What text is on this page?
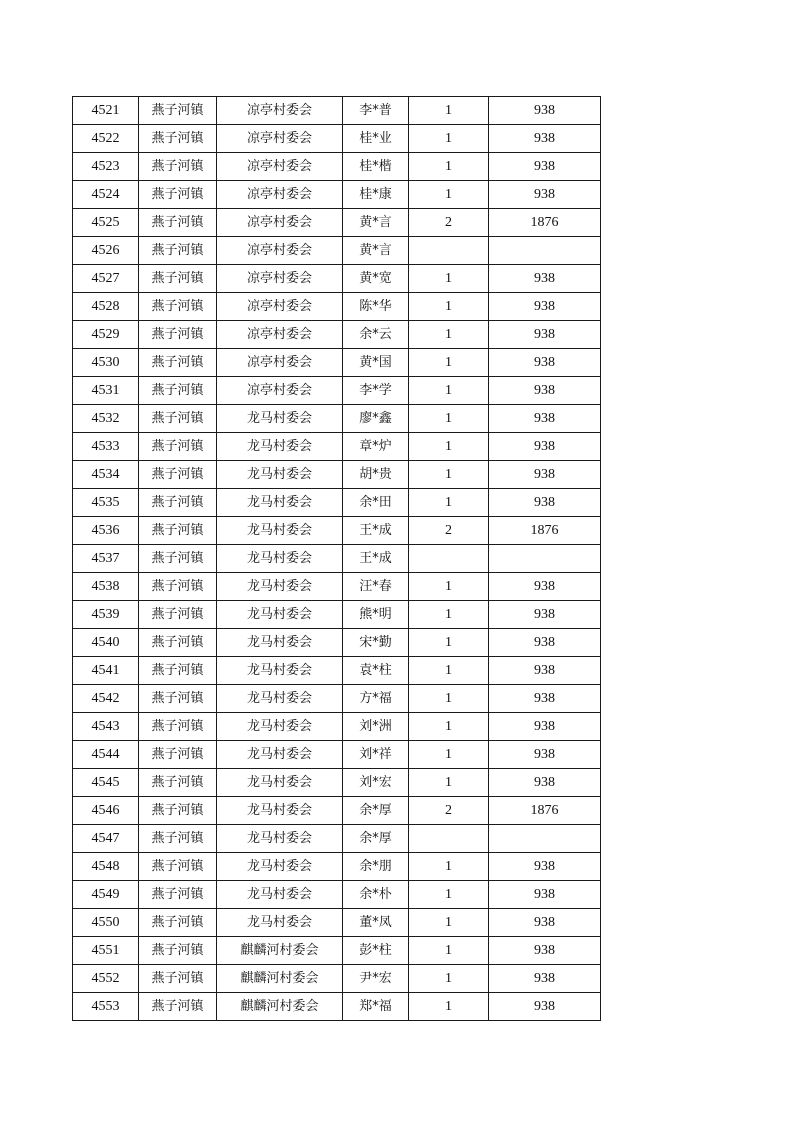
4521	燕子河镇	凉亭村委会	李*普	1	938
4522	燕子河镇	凉亭村委会	桂*业	1	938
4523	燕子河镇	凉亭村委会	桂*楷	1	938
4524	燕子河镇	凉亭村委会	桂*康	1	938
4525	燕子河镇	凉亭村委会	黄*言	2	1876
4526	燕子河镇	凉亭村委会	黄*言		
4527	燕子河镇	凉亭村委会	黄*宽	1	938
4528	燕子河镇	凉亭村委会	陈*华	1	938
4529	燕子河镇	凉亭村委会	余*云	1	938
4530	燕子河镇	凉亭村委会	黄*国	1	938
4531	燕子河镇	凉亭村委会	李*学	1	938
4532	燕子河镇	龙马村委会	廖*鑫	1	938
4533	燕子河镇	龙马村委会	章*炉	1	938
4534	燕子河镇	龙马村委会	胡*贵	1	938
4535	燕子河镇	龙马村委会	余*田	1	938
4536	燕子河镇	龙马村委会	王*成	2	1876
4537	燕子河镇	龙马村委会	王*成		
4538	燕子河镇	龙马村委会	汪*春	1	938
4539	燕子河镇	龙马村委会	熊*明	1	938
4540	燕子河镇	龙马村委会	宋*勤	1	938
4541	燕子河镇	龙马村委会	袁*柱	1	938
4542	燕子河镇	龙马村委会	方*福	1	938
4543	燕子河镇	龙马村委会	刘*洲	1	938
4544	燕子河镇	龙马村委会	刘*祥	1	938
4545	燕子河镇	龙马村委会	刘*宏	1	938
4546	燕子河镇	龙马村委会	余*厚	2	1876
4547	燕子河镇	龙马村委会	余*厚		
4548	燕子河镇	龙马村委会	余*朋	1	938
4549	燕子河镇	龙马村委会	余*朴	1	938
4550	燕子河镇	龙马村委会	董*凤	1	938
4551	燕子河镇	麒麟河村委会	彭*柱	1	938
4552	燕子河镇	麒麟河村委会	尹*宏	1	938
4553	燕子河镇	麒麟河村委会	郑*福	1	938
